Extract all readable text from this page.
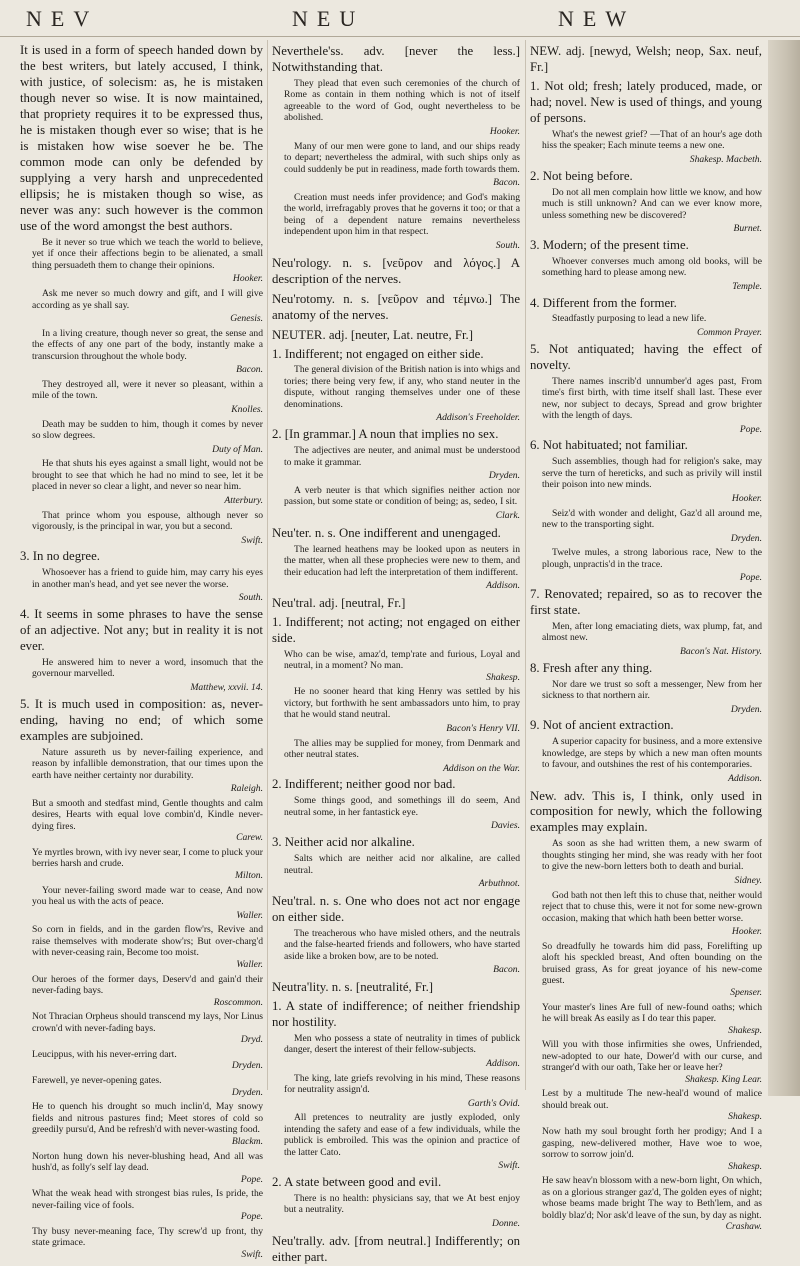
NEV	NEU	NEW
It is used in a form of speech handed down by the best writers, but lately accused, I think, with justice, of solecism: as, he is mistaken though never so wise. It is now maintained, that propriety requires it to be expressed thus, he is mistaken though ever so wise; that is he is mistaken how wise soever he be. The common mode can only be defended by supplying a very harsh and unprecedented ellipsis; he is mistaken though so wise, as never was any: such however is the common use of the word amongst the best authors.
Be it never so true which we teach the world to believe, yet if once their affections begin to be alienated, a small thing persuadeth them to change their opinions.
Hooker.
Ask me never so much dowry and gift, and I will give according as ye shall say.
Genesis.
In a living creature, though never so great, the sense and the effects of any one part of the body, instantly make a transcursion throughout the whole body.
Bacon.
They destroyed all, were it never so pleasant, within a mile of the town.
Knolles.
Death may be sudden to him, though it comes by never so slow degrees.
Duty of Man.
He that shuts his eyes against a small light, would not be brought to see that which he had no mind to see, let it be placed in never so clear a light, and never so near him.
Atterbury.
That prince whom you espouse, although never so vigorously, is the principal in war, you but a second.
Swift.
3. In no degree.
Whosoever has a friend to guide him, may carry his eyes in another man's head, and yet see never the worse.
South.
4. It seems in some phrases to have the sense of an adjective. Not any; but in reality it is not ever.
He answered him to never a word, insomuch that the governour marvelled.
Matthew, xxvii. 14.
5. It is much used in composition: as, never-ending, having no end; of which some examples are subjoined.
Nature assureth us by never-failing experience, and reason by infallible demonstration, that our times upon the earth have neither certainty nor durability.
Raleigh.
But a smooth and stedfast mind, Gentle thoughts and calm desires, Hearts with equal love combin'd, Kindle never-dying fires.
Carew.
Ye myrtles brown, with ivy never sear, I come to pluck your berries harsh and crude.
Milton.
Your never-failing sword made war to cease, And now you heal us with the acts of peace.
Waller.
So corn in fields, and in the garden flow'rs, Revive and raise themselves with moderate show'rs; But over-charg'd with never-ceasing rain, Become too moist.
Waller.
Our heroes of the former days, Deserv'd and gain'd their never-fading bays.
Roscommon.
Not Thracian Orpheus should transcend my lays, Nor Linus crown'd with never-fading bays.
Dryd.
Leucippus, with his never-erring dart.
Dryden.
Farewell, ye never-opening gates.
Dryden.
He to quench his drought so much inclin'd, May snowy fields and nitrous pastures find; Meet stores of cold so greedily pursu'd, And be refresh'd with never-wasting food.
Blackm.
Norton hung down his never-blushing head, And all was hush'd, as folly's self lay dead.
Pope.
What the weak head with strongest bias rules, Is pride, the never-failing vice of fools.
Pope.
Thy busy never-meaning face, Thy screw'd up front, thy state grimace.
Swift.
Neverthele'ss. adv. [never the less.] Notwithstanding that.
They plead that even such ceremonies of the church of Rome as contain in them nothing which is not of itself agreeable to the word of God, ought nevertheless to be abolished.
Hooker.
Many of our men were gone to land, and our ships ready to depart; nevertheless the admiral, with such ships only as could suddenly be put in readiness, made forth towards them.
Bacon.
Creation must needs infer providence; and God's making the world, irrefragably proves that he governs it too; or that a being of a dependent nature remains nevertheless independent upon him in that respect.
South.
Neu'rology. n. s. [νεῦρον and λόγος.] A description of the nerves.
Neu'rotomy. n. s. [νεῦρον and τέμνω.] The anatomy of the nerves.
NEUTER. adj. [neuter, Lat. neutre, Fr.]
1. Indifferent; not engaged on either side.
The general division of the British nation is into whigs and tories; there being very few, if any, who stand neuter in the dispute, without ranging themselves under one of these denominations.
Addison's Freeholder.
2. [In grammar.] A noun that implies no sex.
The adjectives are neuter, and animal must be understood to make it grammar.
Dryden.
A verb neuter is that which signifies neither action nor passion, but some state or condition of being; as, sedeo, I sit.
Clark.
Neu'ter. n. s. One indifferent and unengaged.
The learned heathens may be looked upon as neuters in the matter, when all these prophecies were new to them, and their education had left the interpretation of them indifferent.
Addison.
Neu'tral. adj. [neutral, Fr.]
1. Indifferent; not acting; not engaged on either side.
Who can be wise, amaz'd, temp'rate and furious, Loyal and neutral, in a moment? No man.
Shakesp.
He no sooner heard that king Henry was settled by his victory, but forthwith he sent ambassadors unto him, to pray that he would stand neutral.
Bacon's Henry VII.
The allies may be supplied for money, from Denmark and other neutral states.
Addison on the War.
2. Indifferent; neither good nor bad.
Some things good, and somethings ill do seem, And neutral some, in her fantastick eye.
Davies.
3. Neither acid nor alkaline.
Salts which are neither acid nor alkaline, are called neutral.
Arbuthnot.
Neu'tral. n. s. One who does not act nor engage on either side.
The treacherous who have misled others, and the neutrals and the false-hearted friends and followers, who have started aside like a broken bow, are to be noted.
Bacon.
Neutra'lity. n. s. [neutralité, Fr.]
1. A state of indifference; of neither friendship nor hostility.
Men who possess a state of neutrality in times of publick danger, desert the interest of their fellow-subjects.
Addison.
The king, late griefs revolving in his mind, These reasons for neutrality assign'd.
Garth's Ovid.
All pretences to neutrality are justly exploded, only intending the safety and ease of a few individuals, while the publick is embroiled. This was the opinion and practice of the latter Cato.
Swift.
2. A state between good and evil.
There is no health: physicians say, that we At best enjoy but a neutrality.
Donne.
Neu'trally. adv. [from neutral.] Indifferently; on either part.
NEW. adj. [newyd, Welsh; neop, Sax. neuf, Fr.]
1. Not old; fresh; lately produced, made, or had; novel. New is used of things, and young of persons.
What's the newest grief? —That of an hour's age doth hiss the speaker; Each minute teems a new one.
Shakesp. Macbeth.
2. Not being before.
Do not all men complain how little we know, and how much is still unknown? And can we ever know more, unless something new be discovered?
Burnet.
3. Modern; of the present time.
Whoever converses much among old books, will be something hard to please among new.
Temple.
4. Different from the former.
Steadfastly purposing to lead a new life.
Common Prayer.
5. Not antiquated; having the effect of novelty.
There names inscrib'd unnumber'd ages past, From time's first birth, with time itself shall last. These ever new, nor subject to decays, Spread and grow brighter with the length of days.
Pope.
6. Not habituated; not familiar.
Such assemblies, though had for religion's sake, may serve the turn of hereticks, and such as privily will instil their poison into new minds.
Hooker.
Seiz'd with wonder and delight, Gaz'd all around me, new to the transporting sight.
Dryden.
Twelve mules, a strong laborious race, New to the plough, unpractis'd in the trace.
Pope.
7. Renovated; repaired, so as to recover the first state.
Men, after long emaciating diets, wax plump, fat, and almost new.
Bacon's Nat. History.
8. Fresh after any thing.
Nor dare we trust so soft a messenger, New from her sickness to that northern air.
Dryden.
9. Not of ancient extraction.
A superior capacity for business, and a more extensive knowledge, are steps by which a new man often mounts to favour, and outshines the rest of his contemporaries.
Addison.
New. adv. This is, I think, only used in composition for newly, which the following examples may explain.
As soon as she had written them, a new swarm of thoughts stinging her mind, she was ready with her foot to give the new-born letters both to death and burial.
Sidney.
God bath not then left this to chuse that, neither would reject that to chuse this, were it not for some new-grown occasion, making that which hath been better worse.
Hooker.
So dreadfully he towards him did pass, Forelifting up aloft his speckled breast, And often bounding on the bruised grass, As for great joyance of his new-come guest.
Spenser.
Your master's lines Are full of new-found oaths; which he will break As easily as I do tear this paper.
Shakesp.
Will you with those infirmities she owes, Unfriended, new-adopted to our hate, Dower'd with our curse, and stranger'd with our oath, Take her or leave her?
Shakesp. King Lear.
Lest by a multitude The new-heal'd wound of malice should break out.
Shakesp.
Now hath my soul brought forth her prodigy; And I a gasping, new-delivered mother, Have woe to woe, sorrow to sorrow join'd.
Shakesp.
He saw heav'n blossom with a new-born light, On which, as on a glorious stranger gaz'd, The golden eyes of night; whose beams made bright The way to Beth'lem, and as boldly blaz'd; Nor ask'd leave of the sun, by day as night.
Crashaw.
